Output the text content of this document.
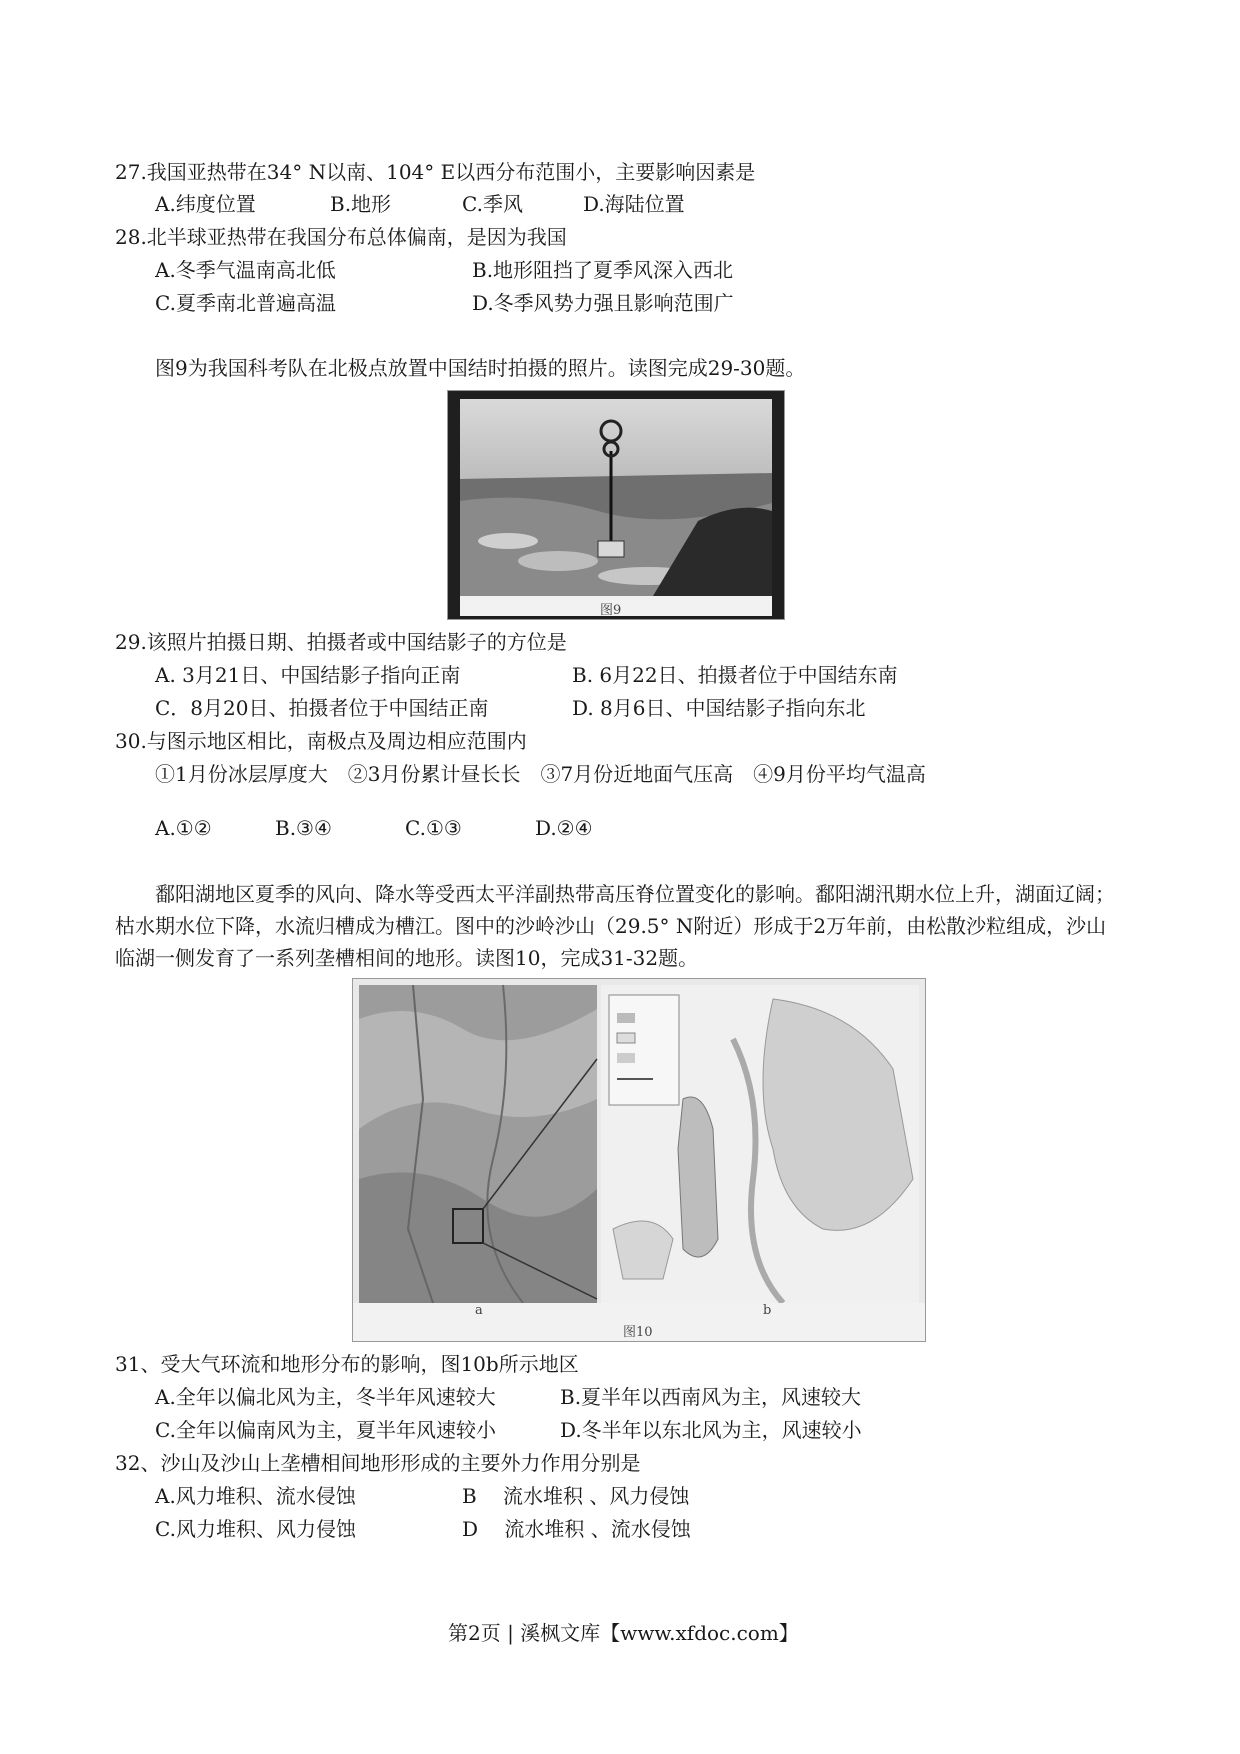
27.我国亚热带在34° N以南、104° E以西分布范围小，主要影响因素是
A.纬度位置	B.地形	C.季风	D.海陆位置
28.北半球亚热带在我国分布总体偏南，是因为我国
A.冬季气温南高北低	B.地形阻挡了夏季风深入西北
C.夏季南北普遍高温	D.冬季风势力强且影响范围广
图9为我国科考队在北极点放置中国结时拍摄的照片。读图完成29-30题。
图9
29.该照片拍摄日期、拍摄者或中国结影子的方位是
A. 3月21日、中国结影子指向正南	B. 6月22日、拍摄者位于中国结东南
C．8月20日、拍摄者位于中国结正南	D. 8月6日、中国结影子指向东北
30.与图示地区相比，南极点及周边相应范围内
①1月份冰层厚度大　②3月份累计昼长长　③7月份近地面气压高　④9月份平均气温高
A.①②	B.③④	C.①③	D.②④
鄱阳湖地区夏季的风向、降水等受西太平洋副热带高压脊位置变化的影响。鄱阳湖汛期水位上升，湖面辽阔；枯水期水位下降，水流归槽成为槽江。图中的沙岭沙山（29.5° N附近）形成于2万年前，由松散沙粒组成，沙山临湖一侧发育了一系列垄槽相间的地形。读图10，完成31-32题。
a	b
图10
31、受大气环流和地形分布的影响，图10b所示地区
A.全年以偏北风为主，冬半年风速较大	B.夏半年以西南风为主，风速较大
C.全年以偏南风为主，夏半年风速较小	D.冬半年以东北风为主，风速较小
32、沙山及沙山上垄槽相间地形形成的主要外力作用分别是
A.风力堆积、流水侵蚀	B　 流水堆积 、风力侵蚀
C.风力堆积、风力侵蚀	D　 流水堆积 、流水侵蚀
第2页 | 溪枫文库【www.xfdoc.com】
